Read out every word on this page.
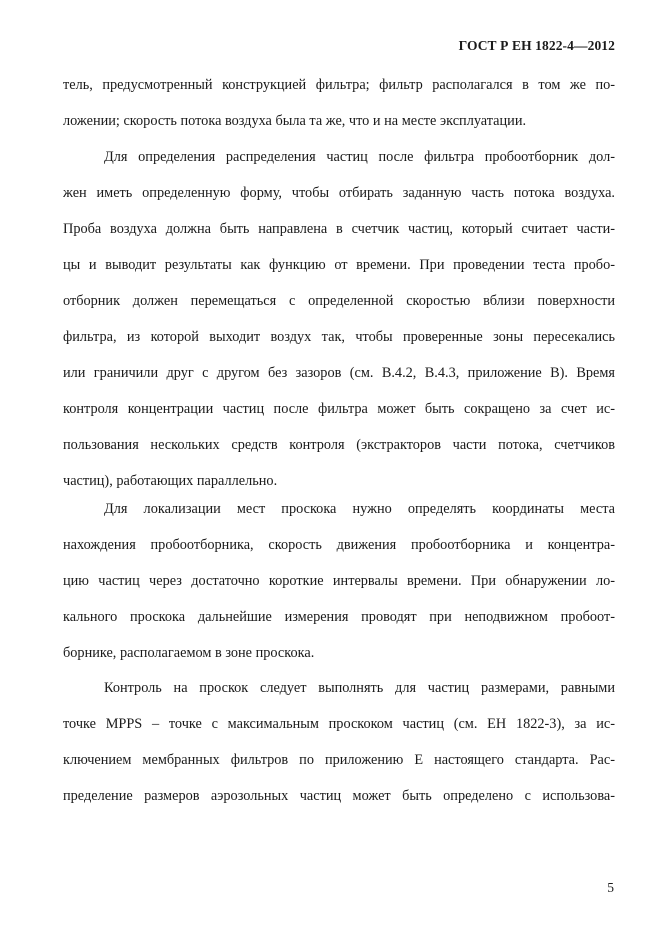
ГОСТ Р ЕН 1822-4—2012
тель, предусмотренный конструкцией фильтра; фильтр располагался в том же по-
ложении; скорость потока воздуха была та же, что и на месте эксплуатации.
Для определения распределения частиц после фильтра пробоотборник дол-
жен иметь определенную форму, чтобы отбирать заданную часть потока воздуха.
Проба воздуха должна быть направлена в счетчик частиц, который считает части-
цы и выводит результаты как функцию от времени. При проведении теста пробо-
отборник должен перемещаться с определенной скоростью вблизи поверхности
фильтра, из которой выходит воздух так, чтобы проверенные зоны пересекались
или граничили друг с другом без зазоров (см. В.4.2, В.4.3, приложение В). Время
контроля концентрации частиц после фильтра может быть сокращено за счет ис-
пользования нескольких средств контроля (экстракторов части потока, счетчиков
частиц), работающих параллельно.
Для локализации мест проскока нужно определять координаты места
нахождения пробоотборника, скорость движения пробоотборника и концентра-
цию частиц через достаточно короткие интервалы времени. При обнаружении ло-
кального проскока дальнейшие измерения проводят при неподвижном пробоот-
борнике, располагаемом в зоне проскока.
Контроль на проскок следует выполнять для частиц размерами, равными
точке MPPS – точке с максимальным проскоком частиц (см. ЕН 1822-3), за ис-
ключением мембранных фильтров по приложению Е настоящего стандарта. Рас-
пределение размеров аэрозольных частиц может быть определено с использова-
5
